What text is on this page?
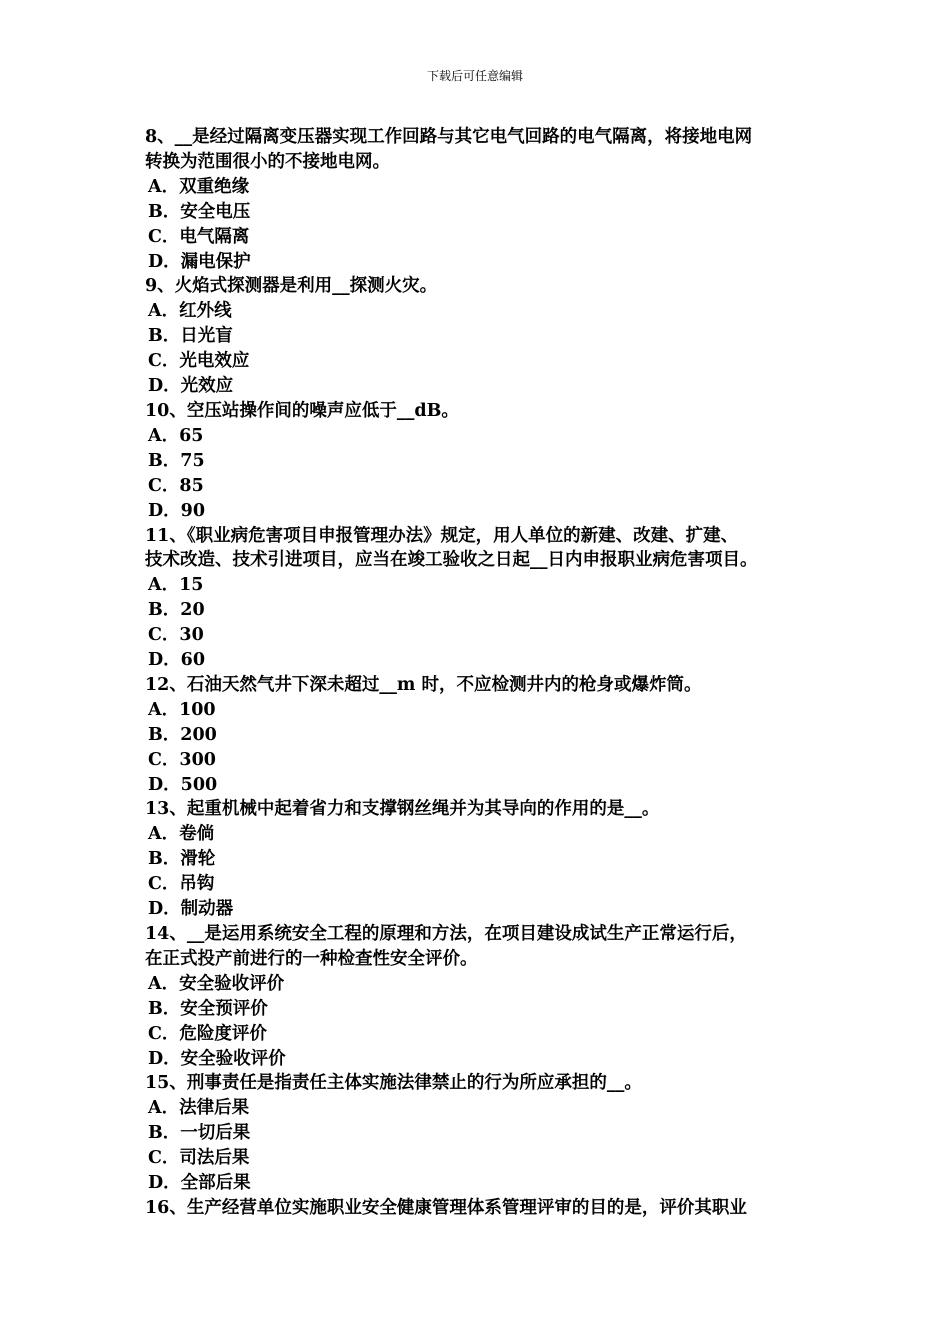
下载后可任意编辑

8、__是经过隔离变压器实现工作回路与其它电气回路的电气隔离，将接地电网

转换为范围很小的不接地电网。

A．双重绝缘

B．安全电压

C．电气隔离

D．漏电保护

9、火焰式探测器是利用__探测火灾。

A．红外线

B．日光盲

C．光电效应

D．光效应

10、空压站操作间的噪声应低于__dB。

A．65

B．75

C．85

D．90

11、《职业病危害项目申报管理办法》规定，用人单位的新建、改建、扩建、

技术改造、技术引进项目，应当在竣工验收之日起__日内申报职业病危害项目。

A．15

B．20

C．30

D．60

12、石油天然气井下深未超过__m 时，不应检测井内的枪身或爆炸筒。

A．100

B．200

C．300

D．500

13、起重机械中起着省力和支撑钢丝绳并为其导向的作用的是__。

A．卷倘

B．滑轮

C．吊钩

D．制动器

14、__是运用系统安全工程的原理和方法，在项目建设成试生产正常运行后，

在正式投产前进行的一种检查性安全评价。

A．安全验收评价

B．安全预评价

C．危险度评价

D．安全验收评价

15、刑事责任是指责任主体实施法律禁止的行为所应承担的__。

A．法律后果

B．一切后果

C．司法后果

D．全部后果

16、生产经营单位实施职业安全健康管理体系管理评审的目的是，评价其职业
